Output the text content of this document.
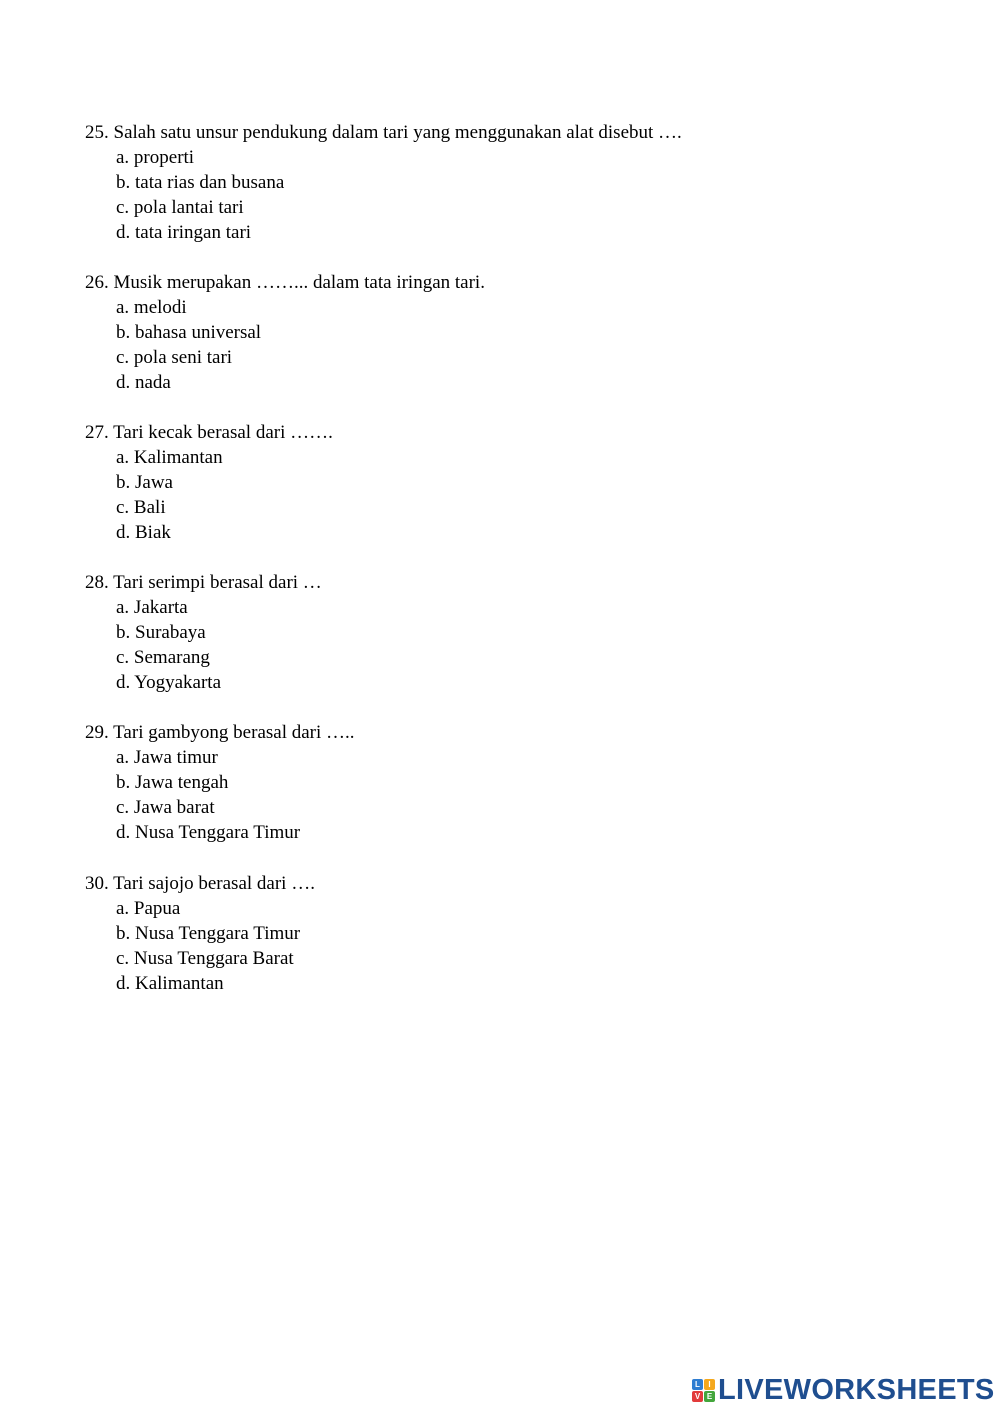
25. Salah satu unsur pendukung dalam tari yang menggunakan alat disebut ….
a. properti
b. tata rias dan busana
c. pola lantai tari
d. tata iringan tari
26. Musik merupakan ……... dalam tata iringan tari.
a. melodi
b. bahasa universal
c. pola seni tari
d. nada
27. Tari kecak berasal dari …….
a. Kalimantan
b. Jawa
c. Bali
d. Biak
28. Tari serimpi berasal dari …
a. Jakarta
b. Surabaya
c. Semarang
d. Yogyakarta
29. Tari gambyong berasal dari …..
a. Jawa timur
b. Jawa tengah
c. Jawa barat
d. Nusa Tenggara Timur
30. Tari sajojo berasal dari ….
a. Papua
b. Nusa Tenggara Timur
c. Nusa Tenggara Barat
d. Kalimantan
L	I
V E LIVEWORKSHEETS
